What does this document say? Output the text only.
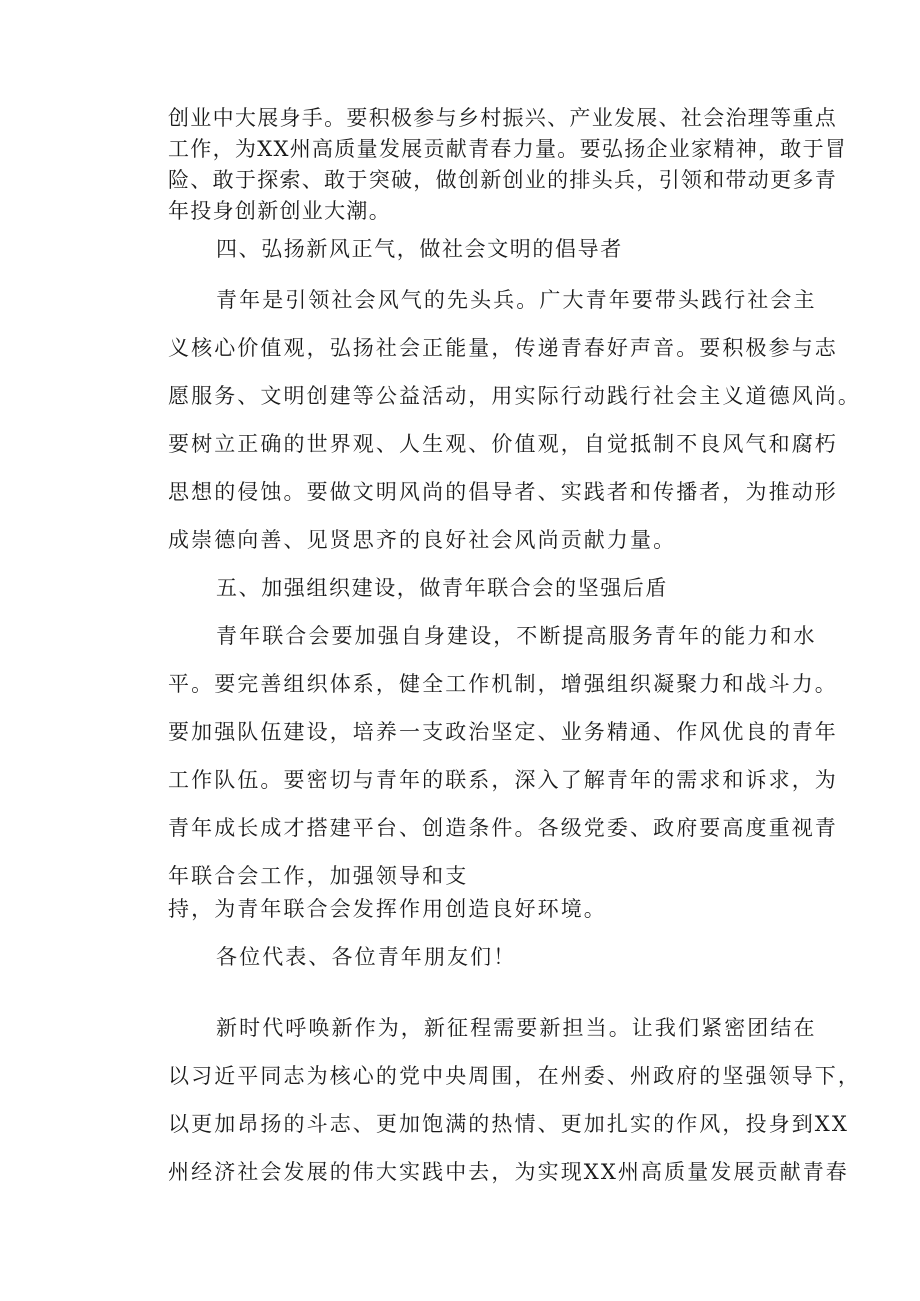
创业中大展身手。要积极参与乡村振兴、产业发展、社会治理等重点

工作，为XX州高质量发展贡献青春力量。要弘扬企业家精神，敢于冒

险、敢于探索、敢于突破，做创新创业的排头兵，引领和带动更多青

年投身创新创业大潮。

四、弘扬新风正气，做社会文明的倡导者

青年是引领社会风气的先头兵。广大青年要带头践行社会主

义核心价值观，弘扬社会正能量，传递青春好声音。要积极参与志

愿服务、文明创建等公益活动，用实际行动践行社会主义道德风尚。

要树立正确的世界观、人生观、价值观，自觉抵制不良风气和腐朽

思想的侵蚀。要做文明风尚的倡导者、实践者和传播者，为推动形

成崇德向善、见贤思齐的良好社会风尚贡献力量。

五、加强组织建设，做青年联合会的坚强后盾

青年联合会要加强自身建设，不断提高服务青年的能力和水

平。要完善组织体系，健全工作机制，增强组织凝聚力和战斗力。

要加强队伍建设，培养一支政治坚定、业务精通、作风优良的青年

工作队伍。要密切与青年的联系，深入了解青年的需求和诉求，为

青年成长成才搭建平台、创造条件。各级党委、政府要高度重视青

年联合会工作，加强领导和支

持，为青年联合会发挥作用创造良好环境。

各位代表、各位青年朋友们！

新时代呼唤新作为，新征程需要新担当。让我们紧密团结在

以习近平同志为核心的党中央周围，在州委、州政府的坚强领导下，

以更加昂扬的斗志、更加饱满的热情、更加扎实的作风，投身到XX

州经济社会发展的伟大实践中去，为实现XX州高质量发展贡献青春
